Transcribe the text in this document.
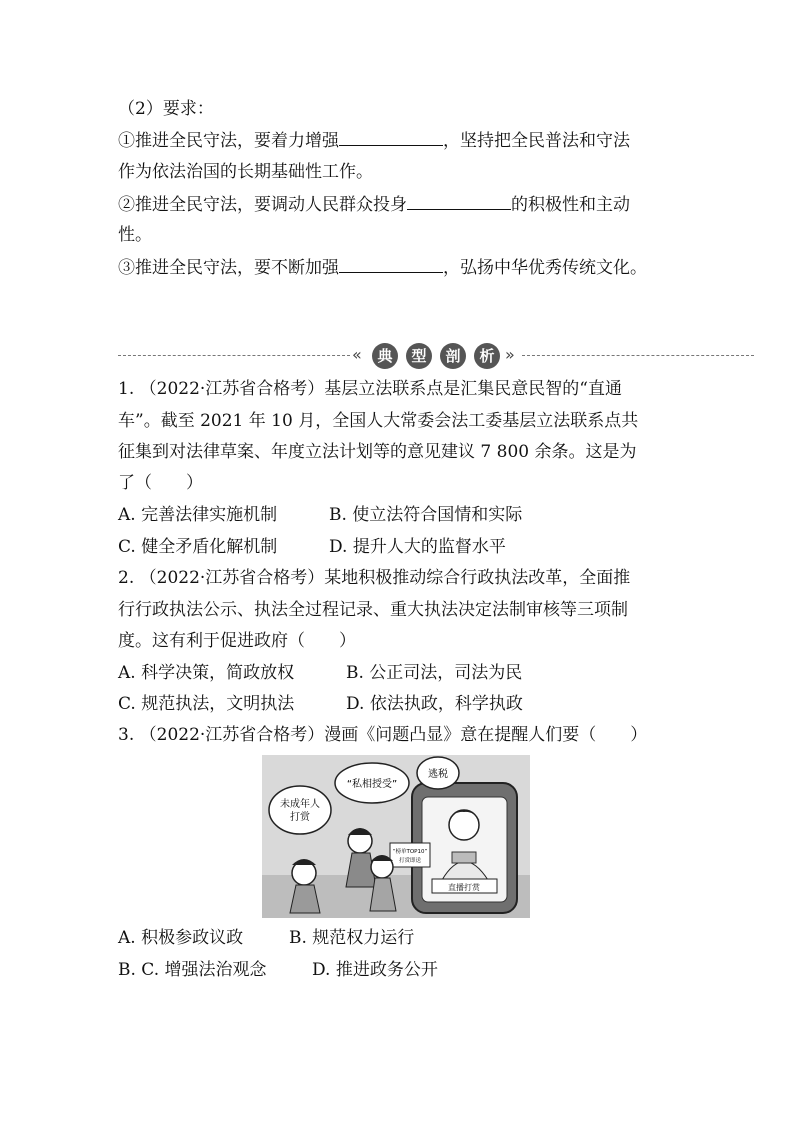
（2）要求：
①推进全民守法，要着力增强	，坚持把全民普法和守法
作为依法治国的长期基础性工作。
②推进全民守法，要调动人民群众投身	的积极性和主动
性。
③推进全民守法，要不断加强	，弘扬中华优秀传统文化。
«	典	型	剖	析 »
1. （2022·江苏省合格考）基层立法联系点是汇集民意民智的“直通
车”。截至 2021 年 10 月，全国人大常委会法工委基层立法联系点共
征集到对法律草案、年度立法计划等的意见建议 7 800 余条。这是为
了（　　）
A. 完善法律实施机制	B. 使立法符合国情和实际
C. 健全矛盾化解机制	D. 提升人大的监督水平
2. （2022·江苏省合格考）某地积极推动综合行政执法改革，全面推
行行政执法公示、执法全过程记录、重大执法决定法制审核等三项制
度。这有利于促进政府（　　）
A. 科学决策，简政放权	B. 公正司法，司法为民
C. 规范执法，文明执法	D. 依法执政，科学执政
3. （2022·江苏省合格考）漫画《问题凸显》意在提醒人们要（　　）
直播打赏
“榜单TOP10”
打赏即送
未成年人
打赏
“私相授受”
逃税
A. 积极参政议政	B. 规范权力运行
B. C. 增强法治观念	D. 推进政务公开
